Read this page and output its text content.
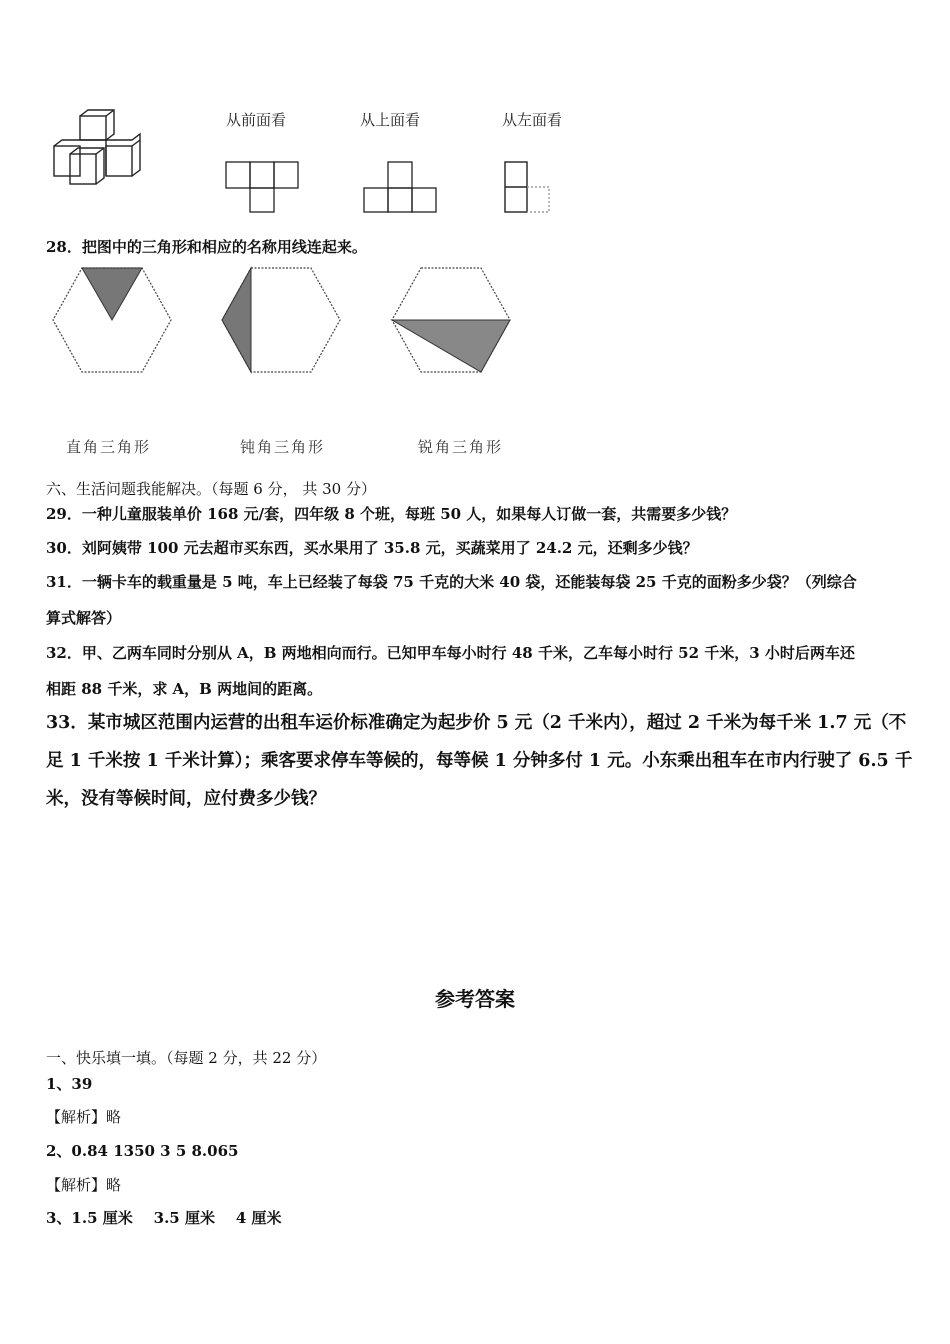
从前面看	从上面看	从左面看
28．把图中的三角形和相应的名称用线连起来。
直角三角形	钝角三角形	锐角三角形
六、生活问题我能解决。（每题 6 分， 共 30 分）
29．一种儿童服装单价 168 元/套，四年级 8 个班，每班 50 人，如果每人订做一套，共需要多少钱？
30．刘阿姨带 100 元去超市买东西，买水果用了 35.8 元，买蔬菜用了 24.2 元，还剩多少钱？
31．一辆卡车的载重量是 5 吨，车上已经装了每袋 75 千克的大米 40 袋，还能装每袋 25 千克的面粉多少袋？（列综合
算式解答）
32．甲、乙两车同时分别从 A，B 两地相向而行。已知甲车每小时行 48 千米，乙车每小时行 52 千米，3 小时后两车还
相距 88 千米，求 A，B 两地间的距离。
33．某市城区范围内运营的出租车运价标准确定为起步价 5 元（2 千米内），超过 2 千米为每千米 1.7 元（不足 1 千米按 1 千米计算）；乘客要求停车等候的，每等候 1 分钟多付 1 元。小东乘出租车在市内行驶了 6.5 千米，没有等候时间，应付费多少钱？
参考答案
一、快乐填一填。（每题 2 分，共 22 分）
1、39
【解析】略
2、0.84 1350 3 5 8.065
【解析】略
3、1.5 厘米    3.5 厘米    4 厘米
